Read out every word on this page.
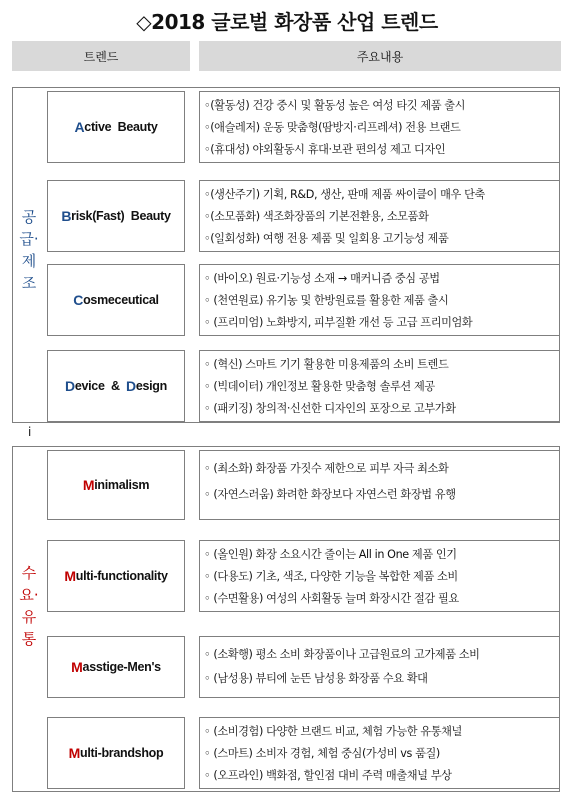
◇2018 글로벌 화장품 산업 트렌드
트렌드	주요내용
공
급·
제
조
A ctive  Beauty
◦(활동성) 건강 중시 및 활동성 높은 여성 타깃 제품 출시
◦(애슬레저) 운동 맞춤형(땀방지·리프레셔) 전용 브랜드
◦(휴대성) 야외활동시 휴대·보관 편의성 제고 디자인
B risk(Fast)  Beauty
◦(생산주기) 기획, R&D, 생산, 판매 제품 싸이클이 매우 단축
◦(소모품화) 색조화장품의 기본전환용, 소모품화
◦(일회성화) 여행 전용 제품 및 일회용 고기능성 제품
C osmeceutical
◦ (바이오) 원료·기능성 소재 → 매커니즘 중심 공법
◦ (천연원료) 유기농 및 한방원료를 활용한 제품 출시
◦ (프리미엄) 노화방지, 피부질환 개선 등 고급 프리미엄화
D evice  & D esign
◦ (혁신) 스마트 기기 활용한 미용제품의 소비 트렌드
◦ (빅데이터) 개인정보 활용한 맞춤형 솔루션 제공
◦ (패키징) 창의적·신선한 디자인의 포장으로 고부가화
i
수
요·
유
통
M inimalism
◦ (최소화) 화장품 가짓수 제한으로 피부 자극 최소화
◦ (자연스러움) 화려한 화장보다 자연스런 화장법 유행
M ulti-functionality
◦ (올인원) 화장 소요시간 줄이는 All in One 제품 인기
◦ (다용도) 기초, 색조, 다양한 기능을 복합한 제품 소비
◦ (수면활용) 여성의 사회활동 늘며 화장시간 절감 필요
M asstige-Men's
◦ (소확행) 평소 소비 화장품이나 고급원료의 고가제품 소비
◦ (남성용) 뷰티에 눈뜬 남성용 화장품 수요 확대
M ulti-brandshop
◦ (소비경험) 다양한 브랜드 비교, 체험 가능한 유통채널
◦ (스마트) 소비자 경험, 체험 중심(가성비 vs 품질)
◦ (오프라인) 백화점, 할인점 대비 주력 매출채널 부상
